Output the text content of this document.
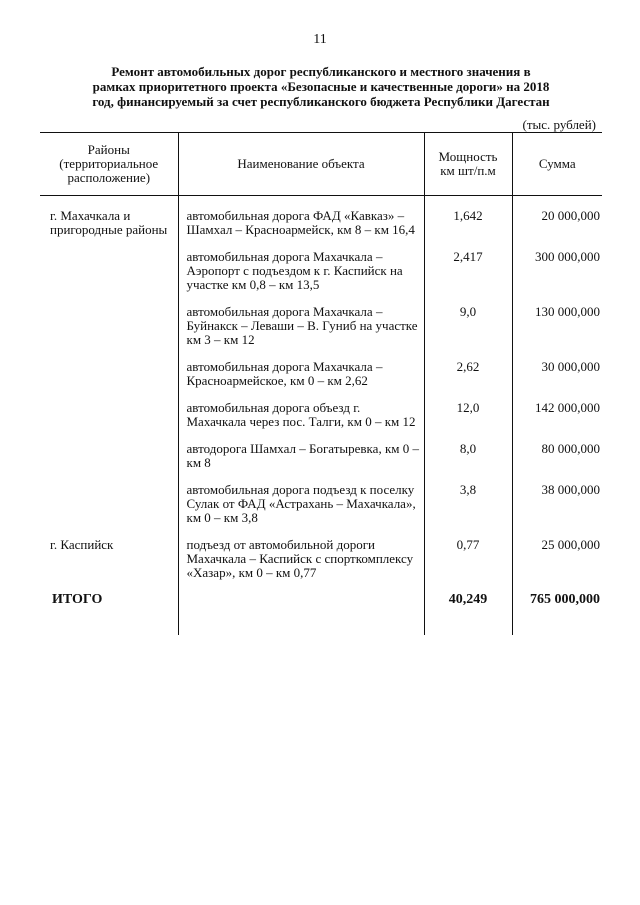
11
Ремонт автомобильных дорог республиканского и местного значения в
рамках приоритетного проекта «Безопасные и качественные дороги» на 2018
год, финансируемый за счет республиканского бюджета Республики Дагестан
(тыс. рублей)
Районы (территориальное расположение)	Наименование объекта	Мощность км шт/п.м	Сумма

г. Махачкала и пригородные районы	автомобильная дорога ФАД «Кавказ» – Шамхал – Красноармейск, км 8 – км 16,4	1,642	20 000,000

	автомобильная дорога Махачкала – Аэропорт с подъездом к г. Каспийск на участке км 0,8 – км 13,5	2,417	300 000,000

	автомобильная дорога Махачкала – Буйнакск – Леваши – В. Гуниб на участке км 3 – км 12	9,0	130 000,000

	автомобильная дорога Махачкала – Красноармейское, км 0 – км 2,62	2,62	30 000,000

	автомобильная дорога объезд г. Махачкала через пос. Талги, км 0 – км 12	12,0	142 000,000

	автодорога Шамхал – Богатыревка, км 0 – км 8	8,0	80 000,000

	автомобильная дорога подъезд к поселку Сулак от ФАД «Астрахань – Махачкала», км 0 – км 3,8	3,8	38 000,000

г. Каспийск	подъезд от автомобильной дороги Махачкала – Каспийск с спорткомплексу «Хазар», км 0 – км 0,77	0,77	25 000,000

ИТОГО		40,249	765 000,000
